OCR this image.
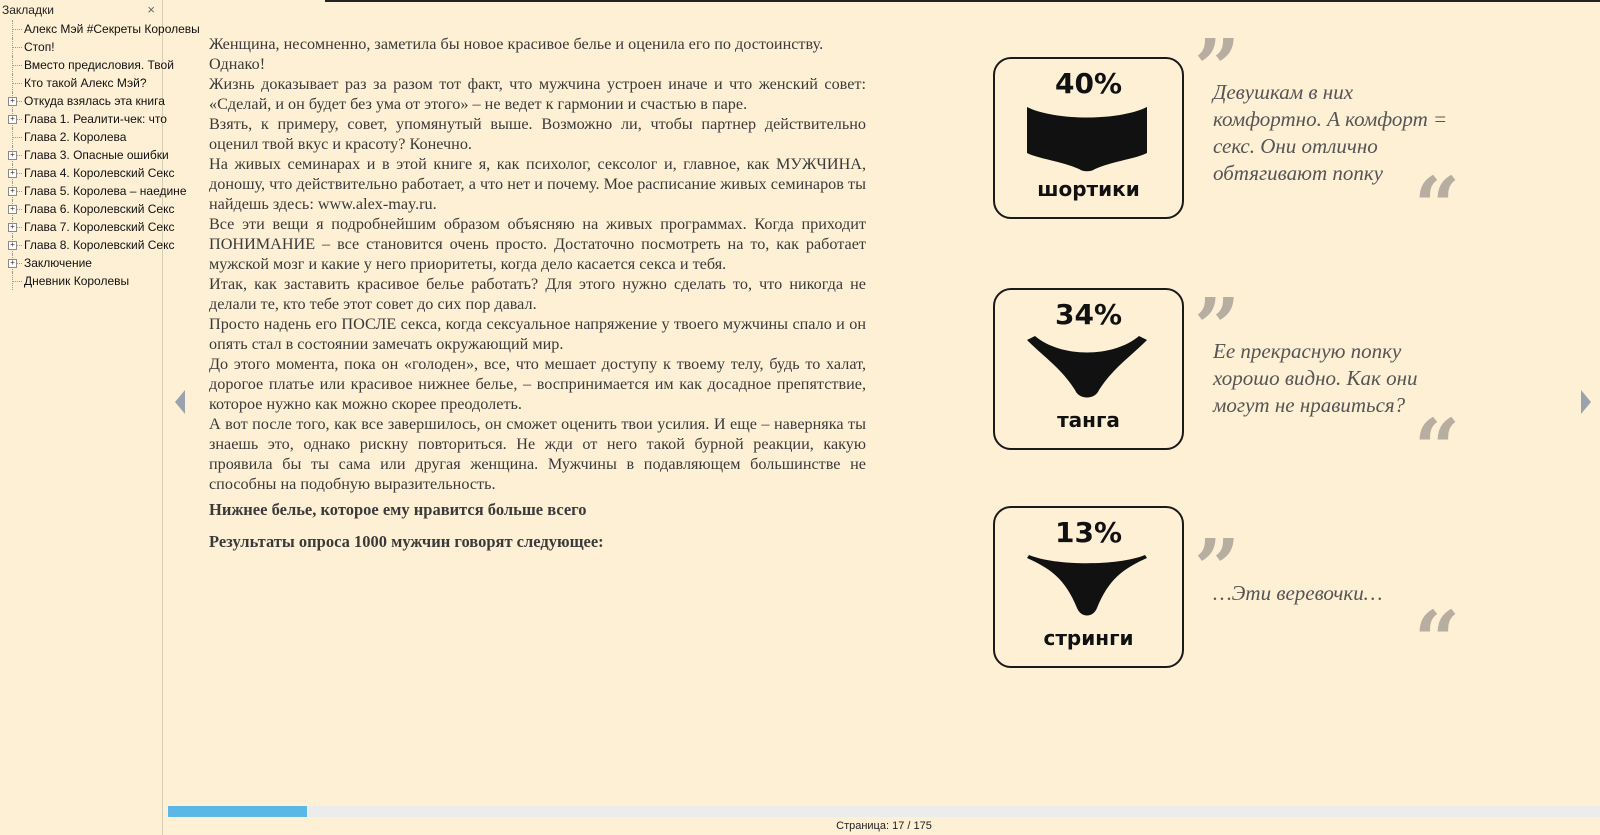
Закладки	×
Алекс Мэй #Секреты Королевы
Стоп!
Вместо предисловия. Твой
Кто такой Алекс Мэй?
+ Откуда взялась эта книга
+ Глава 1. Реалити-чек: что
Глава 2. Королева
+ Глава 3. Опасные ошибки
+ Глава 4. Королевский Секс
+ Глава 5. Королева – наедине
+ Глава 6. Королевский Секс
+ Глава 7. Королевский Секс
+ Глава 8. Королевский Секс
+ Заключение
Дневник Королевы

Женщина, несомненно, заметила бы новое красивое белье и оценила его по достоинству.

Однако!

Жизнь доказывает раз за разом тот факт, что мужчина устроен иначе и что женский совет: «Сделай, и он будет без ума от этого» – не ведет к гармонии и счастью в паре.

Взять, к примеру, совет, упомянутый выше. Возможно ли, чтобы партнер действительно оценил твой вкус и красоту? Конечно.

На живых семинарах и в этой книге я, как психолог, сексолог и, главное, как МУЖЧИНА, доношу, что действительно работает, а что нет и почему. Мое расписание живых семинаров ты найдешь здесь: www.alex-may.ru.

Все эти вещи я подробнейшим образом объясняю на живых программах. Когда приходит ПОНИМАНИЕ – все становится очень просто. Достаточно посмотреть на то, как работает мужской мозг и какие у него приоритеты, когда дело касается секса и тебя.

Итак, как заставить красивое белье работать? Для этого нужно сделать то, что никогда не делали те, кто тебе этот совет до сих пор давал.

Просто надень его ПОСЛЕ секса, когда сексуальное напряжение у твоего мужчины спало и он опять стал в состоянии замечать окружающий мир.

До этого момента, пока он «голоден», все, что мешает доступу к твоему телу, будь то халат, дорогое платье или красивое нижнее белье, – воспринимается им как досадное препятствие, которое нужно как можно скорее преодолеть.

А вот после того, как все завершилось, он сможет оценить твои усилия. И еще – наверняка ты знаешь это, однако рискну повториться. Не жди от него такой бурной реакции, какую проявила бы ты сама или другая женщина. Мужчины в подавляющем большинстве не способны на подобную выразительность.

Нижнее белье, которое ему нравится больше всего
Результаты опроса 1000 мужчин говорят следующее:
40%
шортики
34%
танга
13%
стринги
”
Девушкам в них комфортно. А комфорт = секс. Они отлично обтягивают попку “
”
Ее прекрасную попку хорошо видно. Как они могут не нравиться? “
”
…Эти веревочки… “
Страница: 17 / 175
